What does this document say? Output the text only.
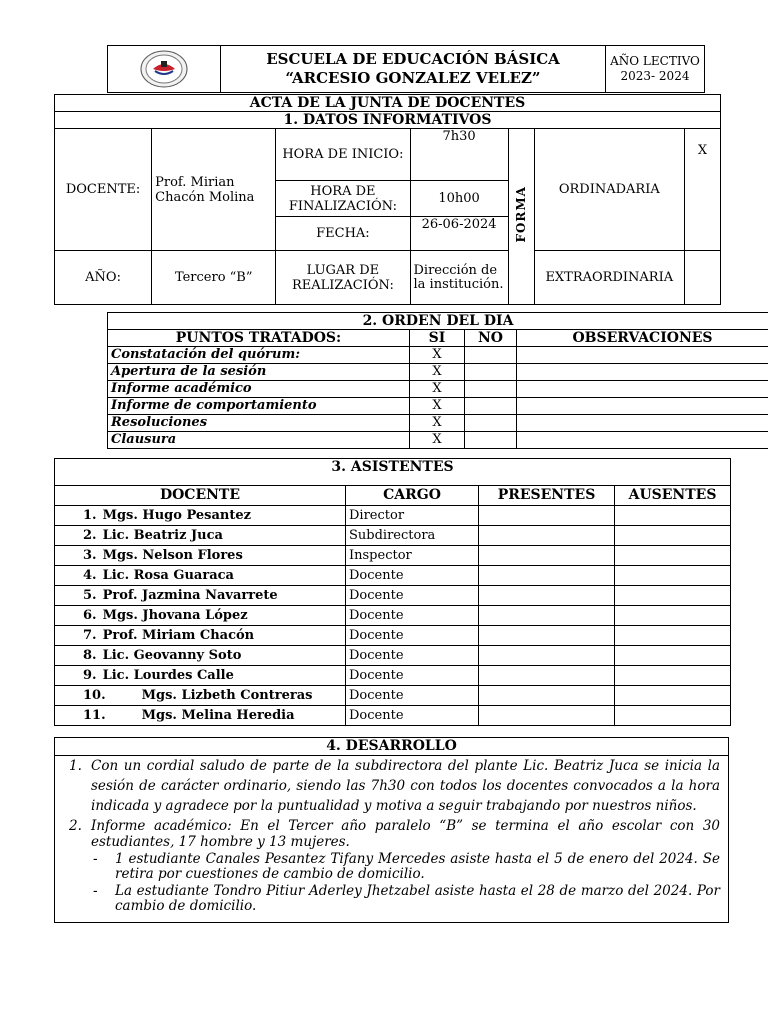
ESCUELA DE EDUCACIÓN BÁSICA
“ARCESIO GONZALEZ VELEZ”

AÑO LECTIVO
2023- 2024
ACTA DE LA JUNTA DE DOCENTES						
1. DATOS INFORMATIVOS						
DOCENTE:	Prof. Mirian Chacón Molina	HORA DE INICIO:	7h30	FORMA	ORDINADARIA	X
		HORA DE FINALIZACIÓN:	10h00			
		FECHA:	26-06-2024			
AÑO:	Tercero “B”	LUGAR DE REALIZACIÓN:	Dirección de la institución.		EXTRAORDINARIA	
2. ORDEN DEL DIA			
PUNTOS TRATADOS:	SI	NO	OBSERVACIONES
Constatación del quórum:	X		
Apertura de la sesión	X		
Informe académico	X		
Informe de comportamiento	X		
Resoluciones	X		
Clausura	X		
3. ASISTENTES			
DOCENTE	CARGO	PRESENTES	AUSENTES
1. Mgs. Hugo Pesantez	Director		
2. Lic. Beatriz Juca	Subdirectora		
3. Mgs. Nelson Flores	Inspector		
4. Lic. Rosa Guaraca	Docente		
5. Prof. Jazmina Navarrete	Docente		
6. Mgs. Jhovana López	Docente		
7. Prof. Miriam Chacón	Docente		
8. Lic. Geovanny Soto	Docente		
9. Lic. Lourdes Calle	Docente		
10. Mgs. Lizbeth Contreras	Docente		
11. Mgs. Melina Heredia	Docente		
4. DESARROLLO
1. Con un cordial saludo de parte de la subdirectora del plante Lic. Beatriz Juca se inicia la sesión de carácter ordinario, siendo las 7h30 con todos los docentes convocados a la hora indicada y agradece por la puntualidad y motiva a seguir trabajando por nuestros niños.
2. Informe académico: En el Tercer año paralelo “B” se termina el año escolar con 30 estudiantes, 17 hombre y 13 mujeres.
- 1 estudiante Canales Pesantez Tifany Mercedes asiste hasta el 5 de enero del 2024. Se retira por cuestiones de cambio de domicilio.
- La estudiante Tondro Pitiur Aderley Jhetzabel asiste hasta el 28 de marzo del 2024. Por cambio de domicilio.
